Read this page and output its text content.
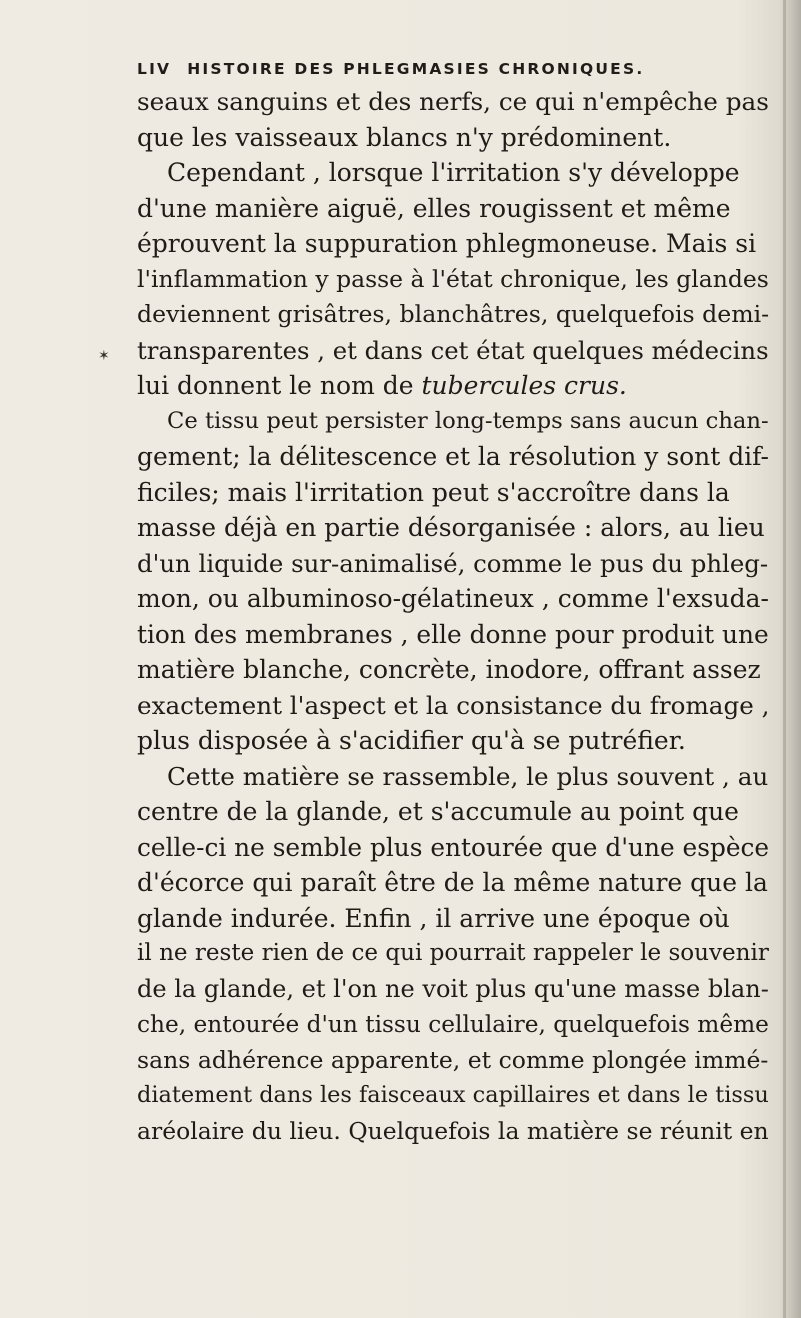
LIV HISTOIRE DES PHLEGMASIES CHRONIQUES.
✶
seaux sanguins et des nerfs, ce qui n'empêche pas
que les vaisseaux blancs n'y prédominent.
Cependant , lorsque l'irritation s'y développe
d'une manière aiguë, elles rougissent et même
éprouvent la suppuration phlegmoneuse. Mais si
l'inflammation y passe à l'état chronique, les glandes
deviennent grisâtres, blanchâtres, quelquefois demi-
transparentes , et dans cet état quelques médecins
lui donnent le nom de tubercules crus.
Ce tissu peut persister long-temps sans aucun chan-
gement; la délitescence et la résolution y sont dif-
ficiles; mais l'irritation peut s'accroître dans la
masse déjà en partie désorganisée : alors, au lieu
d'un liquide sur-animalisé, comme le pus du phleg-
mon, ou albuminoso-gélatineux , comme l'exsuda-
tion des membranes , elle donne pour produit une
matière blanche, concrète, inodore, offrant assez
exactement l'aspect et la consistance du fromage ,
plus disposée à s'acidifier qu'à se putréfier.
Cette matière se rassemble, le plus souvent , au
centre de la glande, et s'accumule au point que
celle-ci ne semble plus entourée que d'une espèce
d'écorce qui paraît être de la même nature que la
glande indurée. Enfin , il arrive une époque où
il ne reste rien de ce qui pourrait rappeler le souvenir
de la glande, et l'on ne voit plus qu'une masse blan-
che, entourée d'un tissu cellulaire, quelquefois même
sans adhérence apparente, et comme plongée immé-
diatement dans les faisceaux capillaires et dans le tissu
aréolaire du lieu. Quelquefois la matière se réunit en
